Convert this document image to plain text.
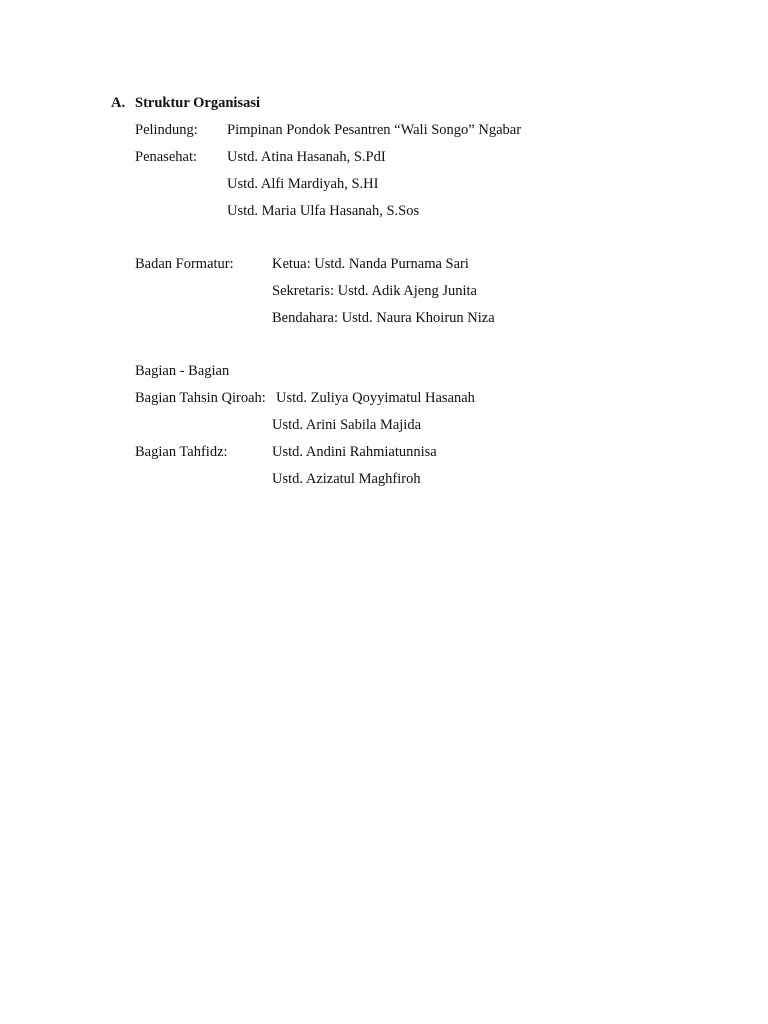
A. Struktur Organisasi
Pelindung: Pimpinan Pondok Pesantren “Wali Songo” Ngabar
Penasehat: Ustd. Atina Hasanah, S.PdI
Ustd. Alfi Mardiyah, S.HI
Ustd. Maria Ulfa Hasanah, S.Sos
Badan Formatur:	Ketua: Ustd. Nanda Purnama Sari
Sekretaris: Ustd. Adik Ajeng Junita
Bendahara: Ustd. Naura Khoirun Niza
Bagian - Bagian
Bagian Tahsin Qiroah: Ustd. Zuliya Qoyyimatul Hasanah
Ustd. Arini Sabila Majida
Bagian Tahfidz:	Ustd. Andini Rahmiatunnisa
Ustd. Azizatul Maghfiroh
